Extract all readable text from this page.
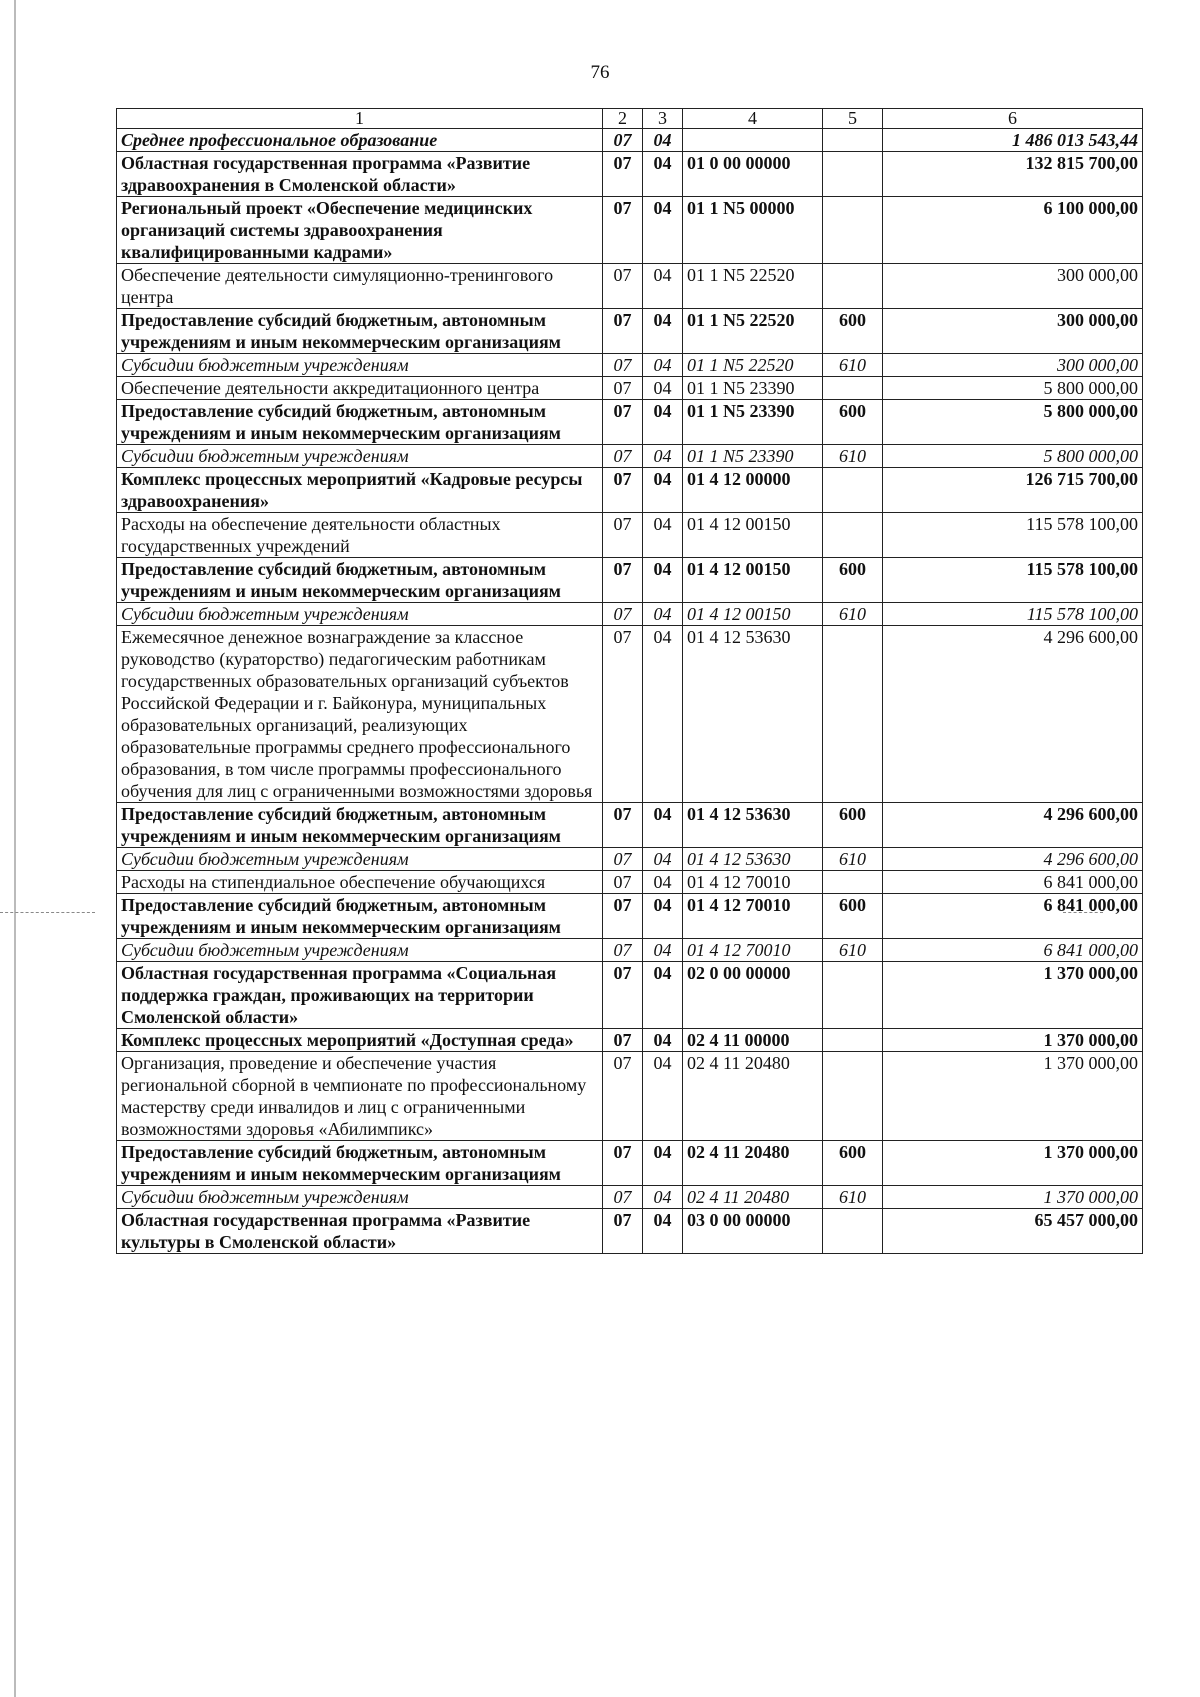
76
1	2	3	4	5	6
Среднее профессиональное образование	07	04			1 486 013 543,44
Областная государственная программа «Развитие здравоохранения в Смоленской области»	07	04	01 0 00 00000		132 815 700,00
Региональный проект «Обеспечение медицинских организаций системы здравоохранения квалифицированными кадрами»	07	04	01 1 N5 00000		6 100 000,00
Обеспечение деятельности симуляционно-тренингового центра	07	04	01 1 N5 22520		300 000,00
Предоставление субсидий бюджетным, автономным учреждениям и иным некоммерческим организациям	07	04	01 1 N5 22520	600	300 000,00
Субсидии бюджетным учреждениям	07	04	01 1 N5 22520	610	300 000,00
Обеспечение деятельности аккредитационного центра	07	04	01 1 N5 23390		5 800 000,00
Предоставление субсидий бюджетным, автономным учреждениям и иным некоммерческим организациям	07	04	01 1 N5 23390	600	5 800 000,00
Субсидии бюджетным учреждениям	07	04	01 1 N5 23390	610	5 800 000,00
Комплекс процессных мероприятий «Кадровые ресурсы здравоохранения»	07	04	01 4 12 00000		126 715 700,00
Расходы на обеспечение деятельности областных государственных учреждений	07	04	01 4 12 00150		115 578 100,00
Предоставление субсидий бюджетным, автономным учреждениям и иным некоммерческим организациям	07	04	01 4 12 00150	600	115 578 100,00
Субсидии бюджетным учреждениям	07	04	01 4 12 00150	610	115 578 100,00
Ежемесячное денежное вознаграждение за классное руководство (кураторство) педагогическим работникам государственных образовательных организаций субъектов Российской Федерации и г. Байконура, муниципальных образовательных организаций, реализующих образовательные программы среднего профессионального образования, в том числе программы профессионального обучения для лиц с ограниченными возможностями здоровья	07	04	01 4 12 53630		4 296 600,00
Предоставление субсидий бюджетным, автономным учреждениям и иным некоммерческим организациям	07	04	01 4 12 53630	600	4 296 600,00
Субсидии бюджетным учреждениям	07	04	01 4 12 53630	610	4 296 600,00
Расходы на стипендиальное обеспечение обучающихся	07	04	01 4 12 70010		6 841 000,00
Предоставление субсидий бюджетным, автономным учреждениям и иным некоммерческим организациям	07	04	01 4 12 70010	600	6 841 000,00
Субсидии бюджетным учреждениям	07	04	01 4 12 70010	610	6 841 000,00
Областная государственная программа «Социальная поддержка граждан, проживающих на территории Смоленской области»	07	04	02 0 00 00000		1 370 000,00
Комплекс процессных мероприятий «Доступная среда»	07	04	02 4 11 00000		1 370 000,00
Организация, проведение и обеспечение участия региональной сборной в чемпионате по профессиональному мастерству среди инвалидов и лиц с ограниченными возможностями здоровья «Абилимпикс»	07	04	02 4 11 20480		1 370 000,00
Предоставление субсидий бюджетным, автономным учреждениям и иным некоммерческим организациям	07	04	02 4 11 20480	600	1 370 000,00
Субсидии бюджетным учреждениям	07	04	02 4 11 20480	610	1 370 000,00
Областная государственная программа «Развитие культуры в Смоленской области»	07	04	03 0 00 00000		65 457 000,00
